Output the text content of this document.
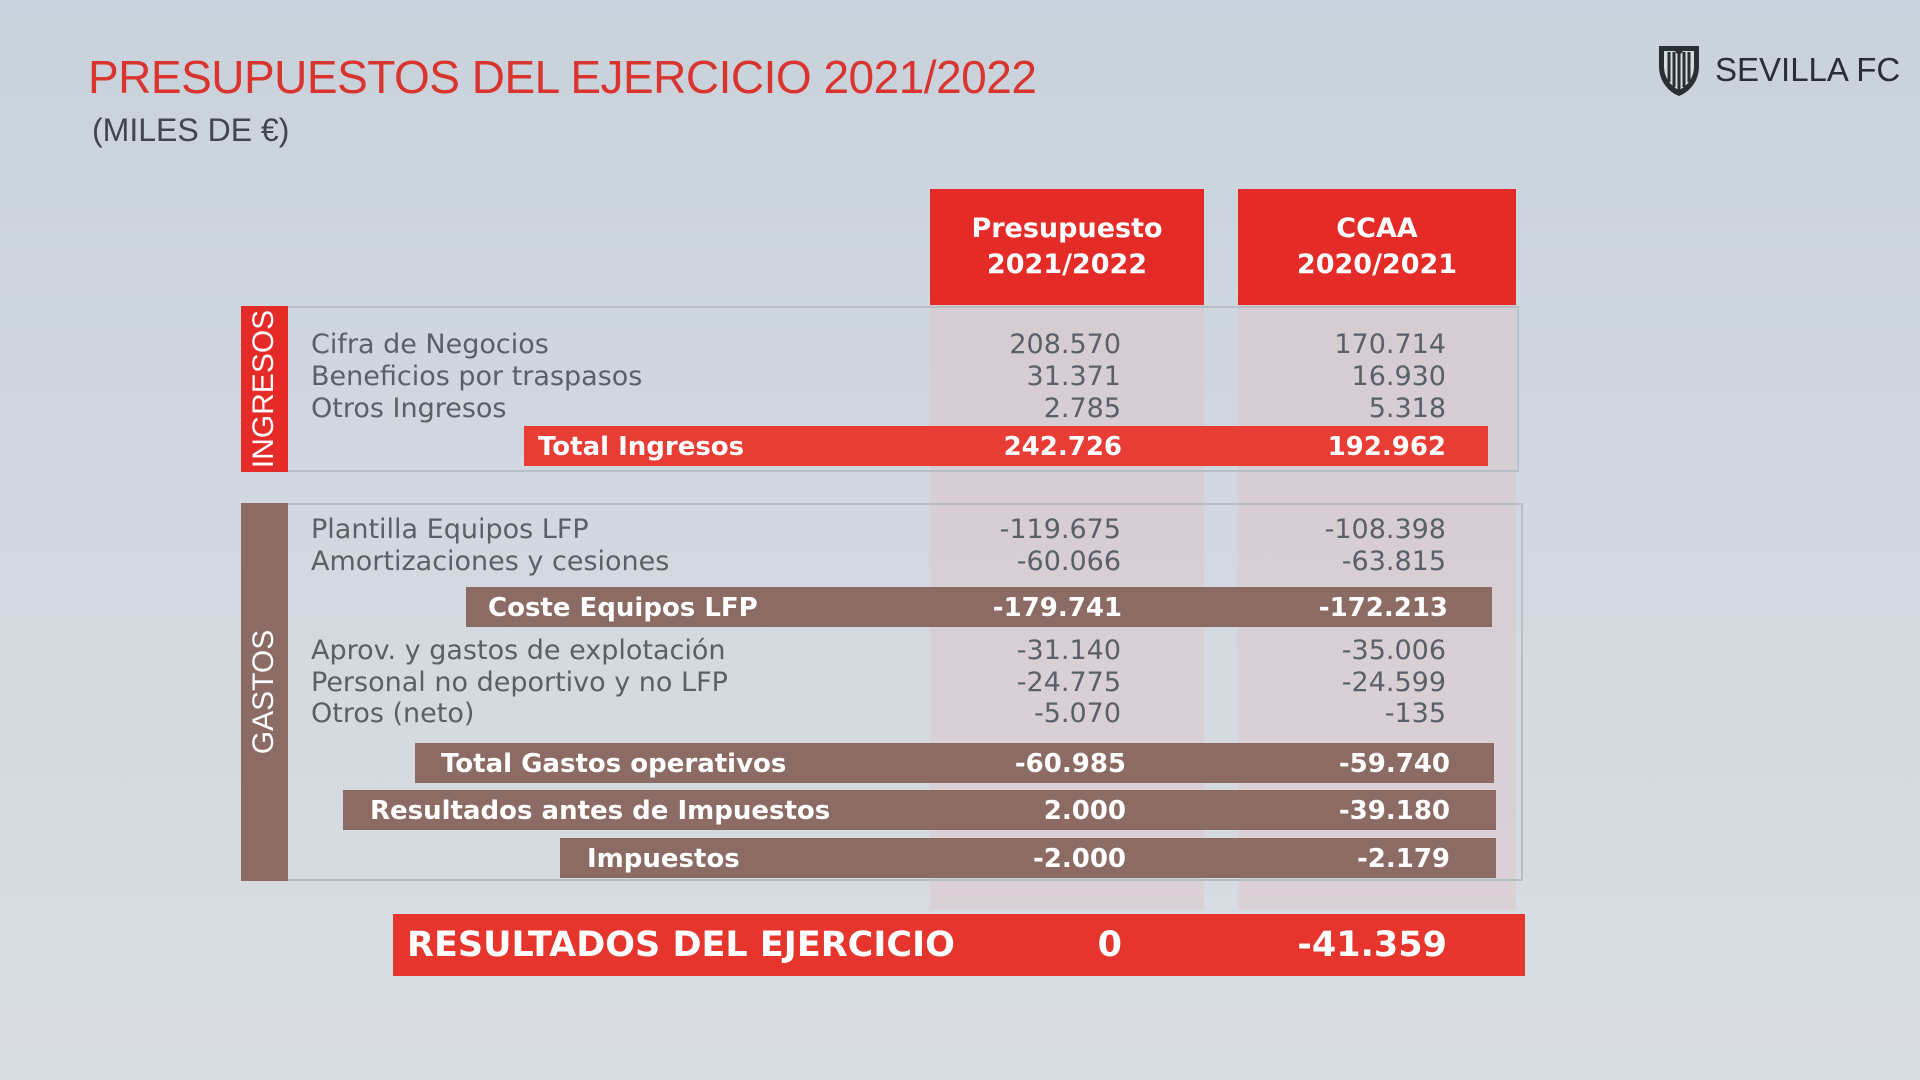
PRESUPUESTOS DEL EJERCICIO 2021/2022
(MILES DE €)
SEVILLA FC
Presupuesto
2021/2022
CCAA
2020/2021
INGRESOS Cifra de Negocios	208.570	170.714
Beneficios por traspasos	31.371	16.930
Otros Ingresos	2.785	5.318
Total Ingresos	242.726	192.962
GASTOS
Plantilla Equipos LFP	-119.675	-108.398
Amortizaciones y cesiones	-60.066	-63.815
Coste Equipos LFP	-179.741	-172.213
Aprov. y gastos de explotación	-31.140	-35.006
Personal no deportivo y no LFP	-24.775	-24.599
Otros (neto)	-5.070	-135
Total Gastos operativos	-60.985	-59.740
Resultados antes de Impuestos	2.000	-39.180
Impuestos	-2.000	-2.179
RESULTADOS DEL EJERCICIO	0	-41.359
